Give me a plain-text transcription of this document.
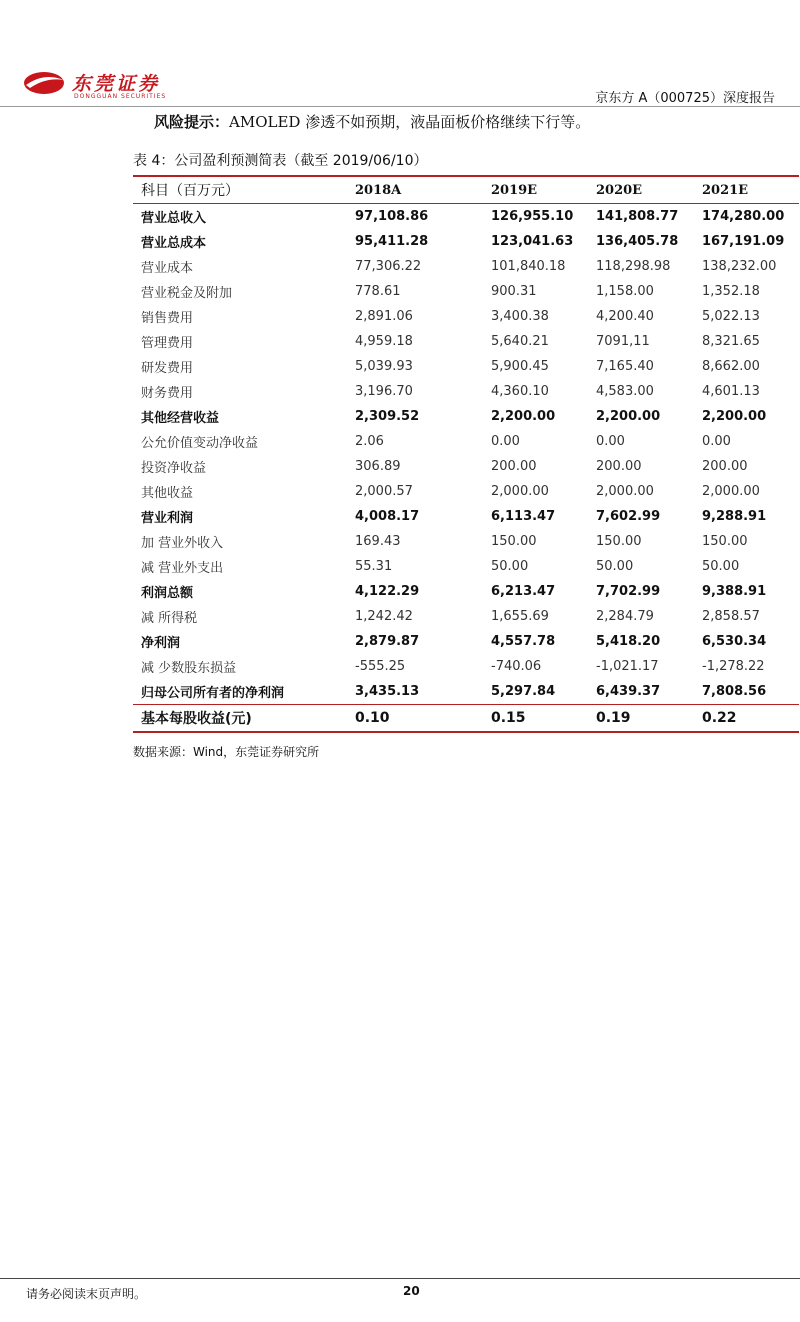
东莞证券
DONGGUAN SECURITIES	京东方 A（000725）深度报告
风险提示：AMOLED 渗透不如预期，液晶面板价格继续下行等。
表 4：公司盈利预测简表（截至 2019/06/10）
科目（百万元）	2018A	2019E	2020E	2021E
营业总收入	97,108.86	126,955.10	141,808.77	174,280.00
营业总成本	95,411.28	123,041.63	136,405.78	167,191.09
营业成本	77,306.22	101,840.18	118,298.98	138,232.00
营业税金及附加	778.61	900.31	1,158.00	1,352.18
销售费用	2,891.06	3,400.38	4,200.40	5,022.13
管理费用	4,959.18	5,640.21	7091,11	8,321.65
研发费用	5,039.93	5,900.45	7,165.40	8,662.00
财务费用	3,196.70	4,360.10	4,583.00	4,601.13
其他经营收益	2,309.52	2,200.00	2,200.00	2,200.00
公允价值变动净收益	2.06	0.00	0.00	0.00
投资净收益	306.89	200.00	200.00	200.00
其他收益	2,000.57	2,000.00	2,000.00	2,000.00
营业利润	4,008.17	6,113.47	7,602.99	9,288.91
加 营业外收入	169.43	150.00	150.00	150.00
减 营业外支出	55.31	50.00	50.00	50.00
利润总额	4,122.29	6,213.47	7,702.99	9,388.91
减 所得税	1,242.42	1,655.69	2,284.79	2,858.57
净利润	2,879.87	4,557.78	5,418.20	6,530.34
减 少数股东损益	-555.25	-740.06	-1,021.17	-1,278.22
归母公司所有者的净利润	3,435.13	5,297.84	6,439.37	7,808.56
基本每股收益(元)	0.10	0.15	0.19	0.22
数据来源：Wind，东莞证券研究所
请务必阅读末页声明。	20
